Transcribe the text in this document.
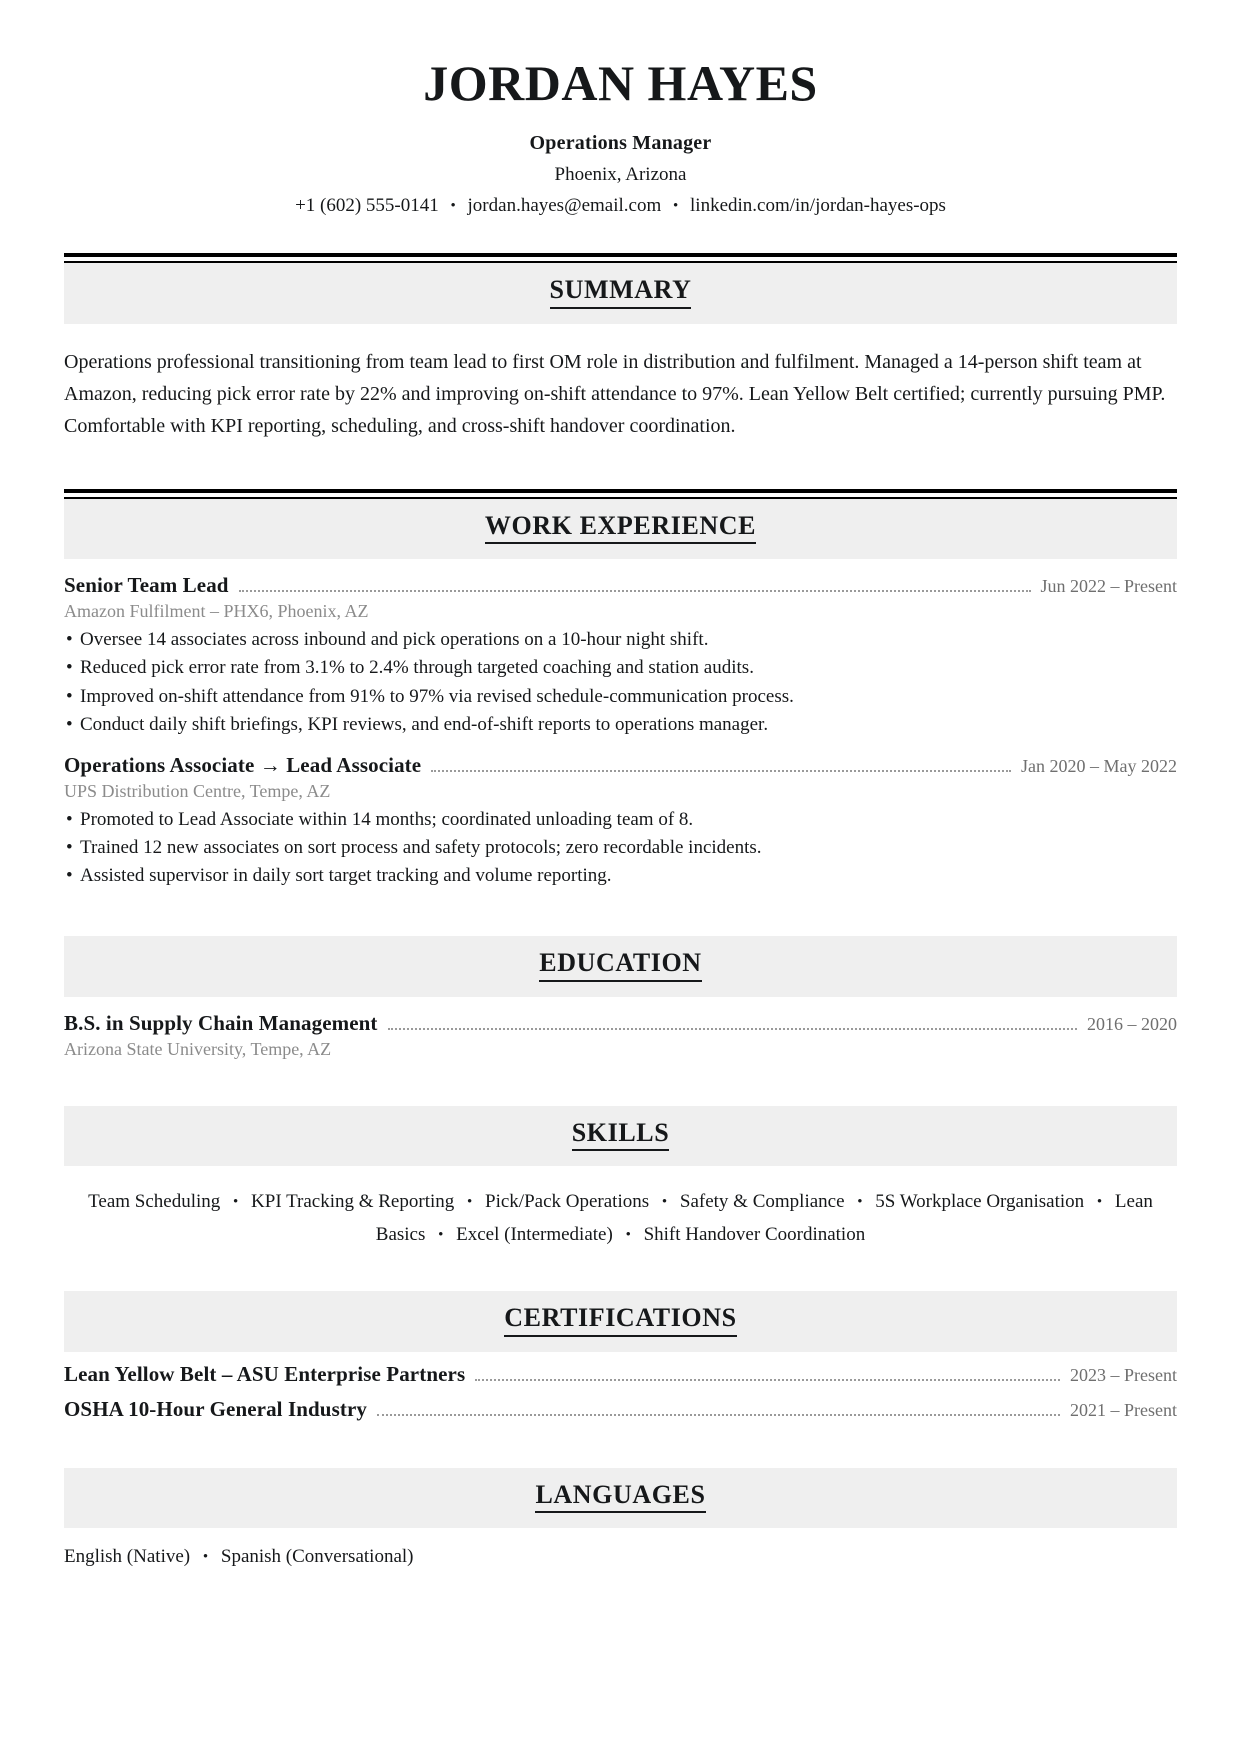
JORDAN HAYES
Operations Manager
Phoenix, Arizona
+1 (602) 555-0141 • jordan.hayes@email.com • linkedin.com/in/jordan-hayes-ops
SUMMARY
Operations professional transitioning from team lead to first OM role in distribution and fulfilment. Managed a 14-person shift team at Amazon, reducing pick error rate by 22% and improving on-shift attendance to 97%. Lean Yellow Belt certified; currently pursuing PMP. Comfortable with KPI reporting, scheduling, and cross-shift handover coordination.
WORK EXPERIENCE
Senior Team Lead	Jun 2022 – Present
Amazon Fulfilment – PHX6, Phoenix, AZ
• Oversee 14 associates across inbound and pick operations on a 10-hour night shift.
• Reduced pick error rate from 3.1% to 2.4% through targeted coaching and station audits.
• Improved on-shift attendance from 91% to 97% via revised schedule-communication process.
• Conduct daily shift briefings, KPI reviews, and end-of-shift reports to operations manager.
Operations Associate → Lead Associate	Jan 2020 – May 2022
UPS Distribution Centre, Tempe, AZ
• Promoted to Lead Associate within 14 months; coordinated unloading team of 8.
• Trained 12 new associates on sort process and safety protocols; zero recordable incidents.
• Assisted supervisor in daily sort target tracking and volume reporting.
EDUCATION
B.S. in Supply Chain Management	2016 – 2020
Arizona State University, Tempe, AZ
SKILLS
Team Scheduling • KPI Tracking & Reporting • Pick/Pack Operations • Safety & Compliance • 5S Workplace Organisation • Lean Basics • Excel (Intermediate) • Shift Handover Coordination
CERTIFICATIONS
Lean Yellow Belt – ASU Enterprise Partners	2023 – Present
OSHA 10-Hour General Industry	2021 – Present
LANGUAGES
English (Native) • Spanish (Conversational)
